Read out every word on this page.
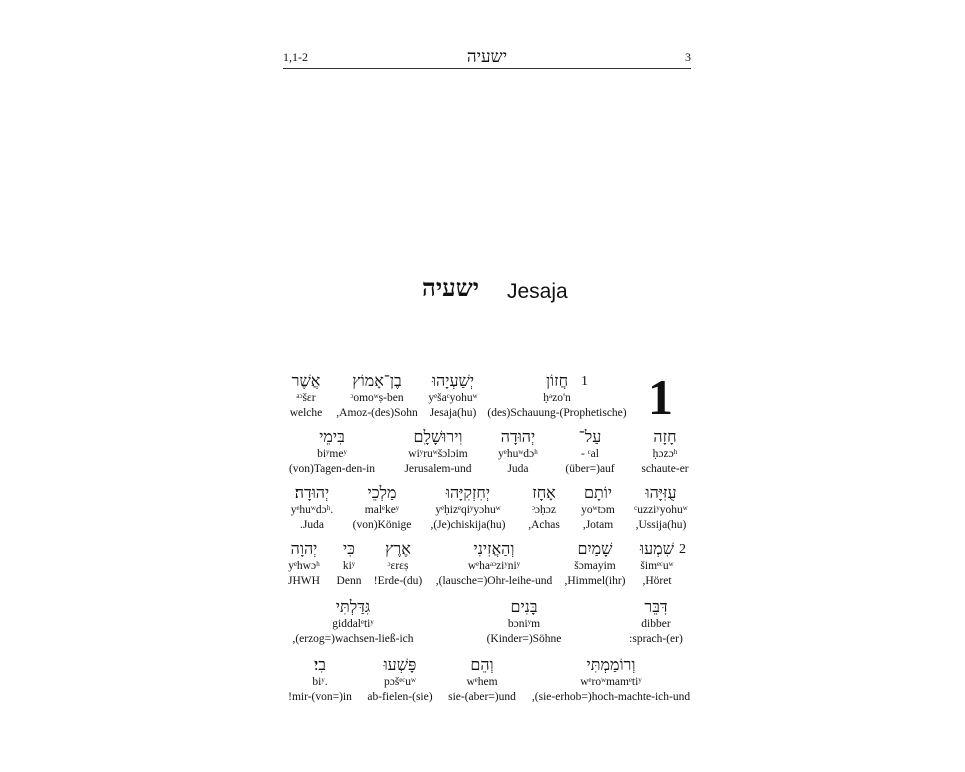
1,1-2	ישעיה	3
ישעיה Jesaja
1
1
חֲזוֹן
ḥᵃzo'n
(des)Schauung-(Prophetische)
יְשַׁעְיָהוּ
yᵉšaᶜyohuʷ
Jesaja(hu)
בֶן־אָמוֹץ
ᵓomoʷṣ-ben
,Amoz-(des)Sohn
אֲשֶׁר
ᵃᵓšɛr
welche
חָזָה
ḥɔzɔʰ
schaute-er
עַל־
- ᶜal
(über=)auf
יְהוּדָה
yᵉhuʷdɔʰ
Juda
וִירוּשָׁלִָם
wiʸruʷšɔlɔim
Jerusalem-und
בִּימֵי
biʸmeʸ
(von)Tagen-den-in
עֻזִּיָּהוּ
ᶜuzziʸyohuʷ
,Ussija(hu)
יוֹתָם
yoʷtɔm
,Jotam
אָחָז
ᵓɔḥɔz
,Achas
יְחִזְקִיָּהוּ
yᵉḥizᵉqiʸyɔhuʷ
,(Je)chiskija(hu)
מַלְכֵי
malᵉkeʸ
(von)Könige
יְהוּדָה׃
yᵉhuʷdɔʰ.
.Juda
2
שִׁמְעוּ
šimᵉᶜuʷ
,Höret
שָׁמַיִם
šɔmayim
,Himmel(ihr)
וְהַאֲזִינִי
wᵉhaᵃᵓziʸniʸ
,(lausche=)Ohr-leihe-und
אֶרֶץ
ᵓɛrɛṣ
!Erde-(du)
כִּי
kiʸ
Denn
יְהוָה
yᵉhwɔʰ
JHWH
דִּבֵּר
dibber
:sprach-(er)
בָּנִים
bɔniʸm
(Kinder=)Söhne
גִּדַּלְתִּי
giddalᵉtiʸ
,(erzog=)wachsen-ließ-ich
וְרוֹמַמְתִּי
wᵉroʷmamᵉtiʸ
,(sie-erhob=)hoch-machte-ich-und
וְהֵם
wᵉhem
sie-(aber=)und
פָּשְׁעוּ
pɔšᵉᶜuʷ
ab-fielen-(sie)
בִי׃
biʸ.
!mir-(von=)in
